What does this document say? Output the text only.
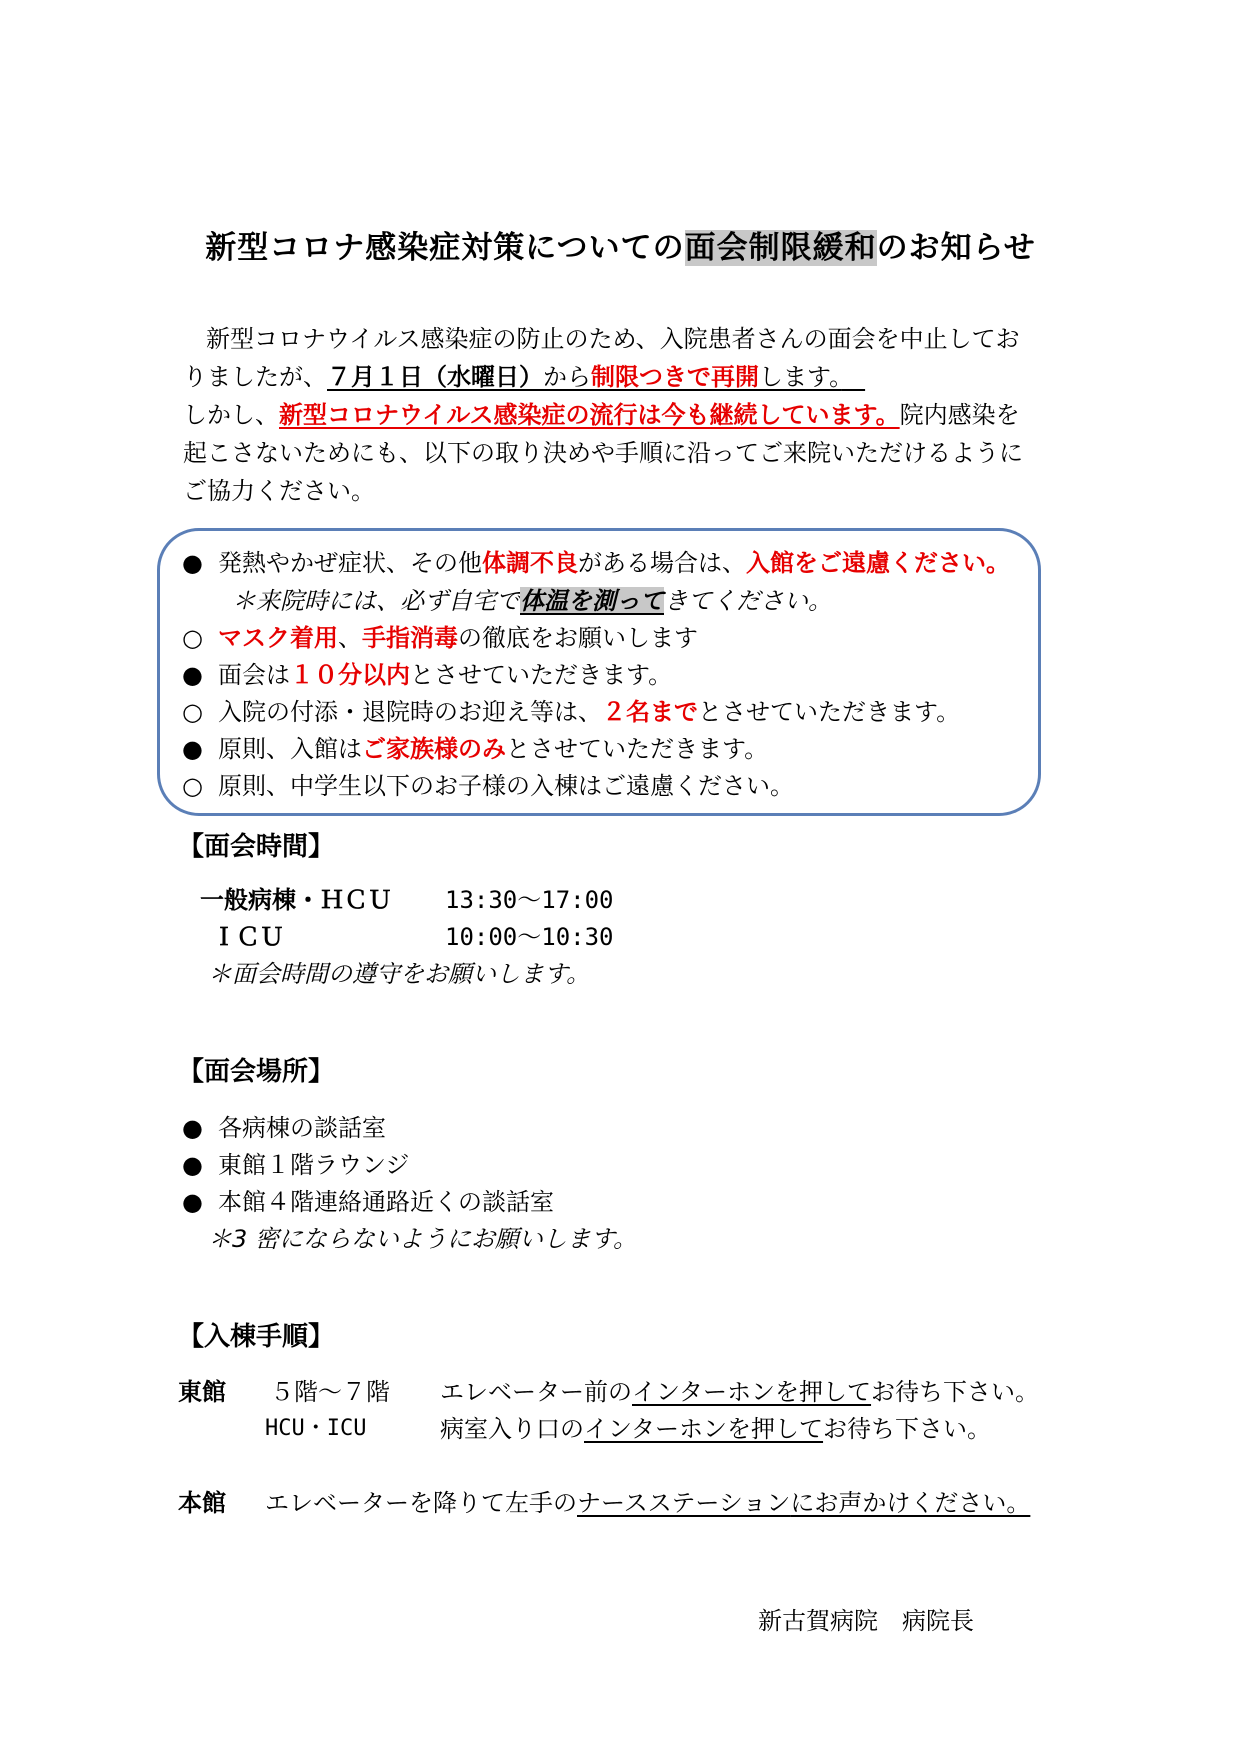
新型コロナ感染症対策についての面会制限緩和のお知らせ
新型コロナウイルス感染症の防止のため、入院患者さんの面会を中止してお
りましたが、７月１日（水曜日）から制限つきで再開します。　
しかし、新型コロナウイルス感染症の流行は今も継続しています。院内感染を
起こさないためにも、以下の取り決めや手順に沿ってご来院いただけるように
ご協力ください。
● 発熱やかぜ症状、その他体調不良がある場合は、入館をご遠慮ください。
＊来院時には、必ず自宅で体温を測ってきてください。
○ マスク着用、手指消毒の徹底をお願いします
● 面会は１０分以内とさせていただきます。
○ 入院の付添・退院時のお迎え等は、２名までとさせていただきます。
● 原則、入館はご家族様のみとさせていただきます。
○ 原則、中学生以下のお子様の入棟はご遠慮ください。
【面会時間】
一般病棟・ＨＣＵ 13:30～17:00
ＩＣＵ	10:00～10:30
＊面会時間の遵守をお願いします。
【面会場所】
● 各病棟の談話室
● 東館１階ラウンジ
● 本館４階連絡通路近くの談話室
＊3 密にならないようにお願いします。
【入棟手順】
東館 ５階～７階 エレベーター前のインターホンを押してお待ち下さい。
HCU・ICU	病室入り口のインターホンを押してお待ち下さい。
本館 エレベーターを降りて左手のナースステーションにお声かけください。
新古賀病院　病院長
